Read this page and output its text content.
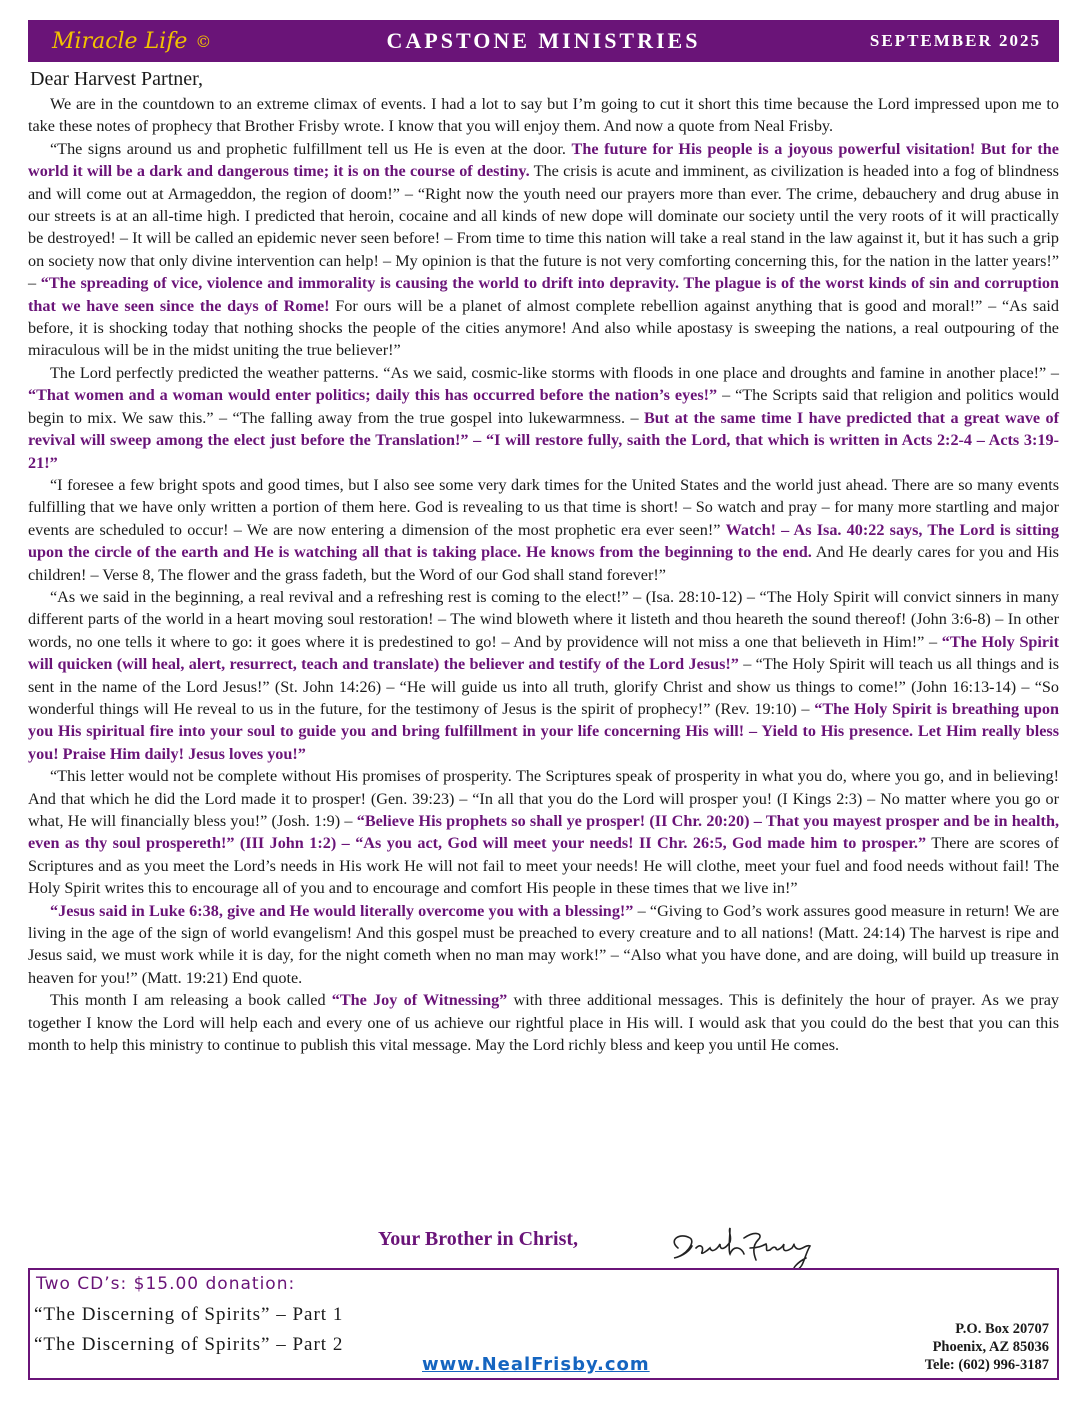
Miracle Life ©	CAPSTONE MINISTRIES	SEPTEMBER 2025
Dear Harvest Partner,

We are in the countdown to an extreme climax of events. I had a lot to say but I’m going to cut it short this time because the Lord impressed upon me to take these notes of prophecy that Brother Frisby wrote. I know that you will enjoy them. And now a quote from Neal Frisby.

“The signs around us and prophetic fulfillment tell us He is even at the door. The future for His people is a joyous powerful visitation! But for the world it will be a dark and dangerous time; it is on the course of destiny. The crisis is acute and imminent, as civilization is headed into a fog of blindness and will come out at Armageddon, the region of doom!” – “Right now the youth need our prayers more than ever. The crime, debauchery and drug abuse in our streets is at an all-time high. I predicted that heroin, cocaine and all kinds of new dope will dominate our society until the very roots of it will practically be destroyed! – It will be called an epidemic never seen before! – From time to time this nation will take a real stand in the law against it, but it has such a grip on society now that only divine intervention can help! – My opinion is that the future is not very comforting concerning this, for the nation in the latter years!” – “The spreading of vice, violence and immorality is causing the world to drift into depravity. The plague is of the worst kinds of sin and corruption that we have seen since the days of Rome! For ours will be a planet of almost complete rebellion against anything that is good and moral!” – “As said before, it is shocking today that nothing shocks the people of the cities anymore! And also while apostasy is sweeping the nations, a real outpouring of the miraculous will be in the midst uniting the true believer!”

The Lord perfectly predicted the weather patterns. “As we said, cosmic-like storms with floods in one place and droughts and famine in another place!” – “That women and a woman would enter politics; daily this has occurred before the nation’s eyes!” – “The Scripts said that religion and politics would begin to mix. We saw this.” – “The falling away from the true gospel into lukewarmness. – But at the same time I have predicted that a great wave of revival will sweep among the elect just before the Translation!” – “I will restore fully, saith the Lord, that which is written in Acts 2:2-4 – Acts 3:19-21!”

“I foresee a few bright spots and good times, but I also see some very dark times for the United States and the world just ahead. There are so many events fulfilling that we have only written a portion of them here. God is revealing to us that time is short! – So watch and pray – for many more startling and major events are scheduled to occur! – We are now entering a dimension of the most prophetic era ever seen!” Watch! – As Isa. 40:22 says, The Lord is sitting upon the circle of the earth and He is watching all that is taking place. He knows from the beginning to the end. And He dearly cares for you and His children! – Verse 8, The flower and the grass fadeth, but the Word of our God shall stand forever!”

“As we said in the beginning, a real revival and a refreshing rest is coming to the elect!” – (Isa. 28:10-12) – “The Holy Spirit will convict sinners in many different parts of the world in a heart moving soul restoration! – The wind bloweth where it listeth and thou heareth the sound thereof! (John 3:6-8) – In other words, no one tells it where to go: it goes where it is predestined to go! – And by providence will not miss a one that believeth in Him!” – “The Holy Spirit will quicken (will heal, alert, resurrect, teach and translate) the believer and testify of the Lord Jesus!” – “The Holy Spirit will teach us all things and is sent in the name of the Lord Jesus!” (St. John 14:26) – “He will guide us into all truth, glorify Christ and show us things to come!” (John 16:13-14) – “So wonderful things will He reveal to us in the future, for the testimony of Jesus is the spirit of prophecy!” (Rev. 19:10) – “The Holy Spirit is breathing upon you His spiritual fire into your soul to guide you and bring fulfillment in your life concerning His will! – Yield to His presence. Let Him really bless you! Praise Him daily! Jesus loves you!”

“This letter would not be complete without His promises of prosperity. The Scriptures speak of prosperity in what you do, where you go, and in believing! And that which he did the Lord made it to prosper! (Gen. 39:23) – “In all that you do the Lord will prosper you! (I Kings 2:3) – No matter where you go or what, He will financially bless you!” (Josh. 1:9) – “Believe His prophets so shall ye prosper! (II Chr. 20:20) – That you mayest prosper and be in health, even as thy soul prospereth!” (III John 1:2) – “As you act, God will meet your needs! II Chr. 26:5, God made him to prosper.” There are scores of Scriptures and as you meet the Lord’s needs in His work He will not fail to meet your needs! He will clothe, meet your fuel and food needs without fail! The Holy Spirit writes this to encourage all of you and to encourage and comfort His people in these times that we live in!”

“Jesus said in Luke 6:38, give and He would literally overcome you with a blessing!” – “Giving to God’s work assures good measure in return! We are living in the age of the sign of world evangelism! And this gospel must be preached to every creature and to all nations! (Matt. 24:14) The harvest is ripe and Jesus said, we must work while it is day, for the night cometh when no man may work!” – “Also what you have done, and are doing, will build up treasure in heaven for you!” (Matt. 19:21) End quote.

This month I am releasing a book called “The Joy of Witnessing” with three additional messages. This is definitely the hour of prayer. As we pray together I know the Lord will help each and every one of us achieve our rightful place in His will. I would ask that you could do the best that you can this month to help this ministry to continue to publish this vital message. May the Lord richly bless and keep you until He comes.

Your Brother in Christ,
Two CD’s: $15.00 donation:
“The Discerning of Spirits” – Part 1
“The Discerning of Spirits” – Part 2
www.NealFrisby.com
P.O. Box 20707
Phoenix, AZ 85036
Tele: (602) 996-3187
